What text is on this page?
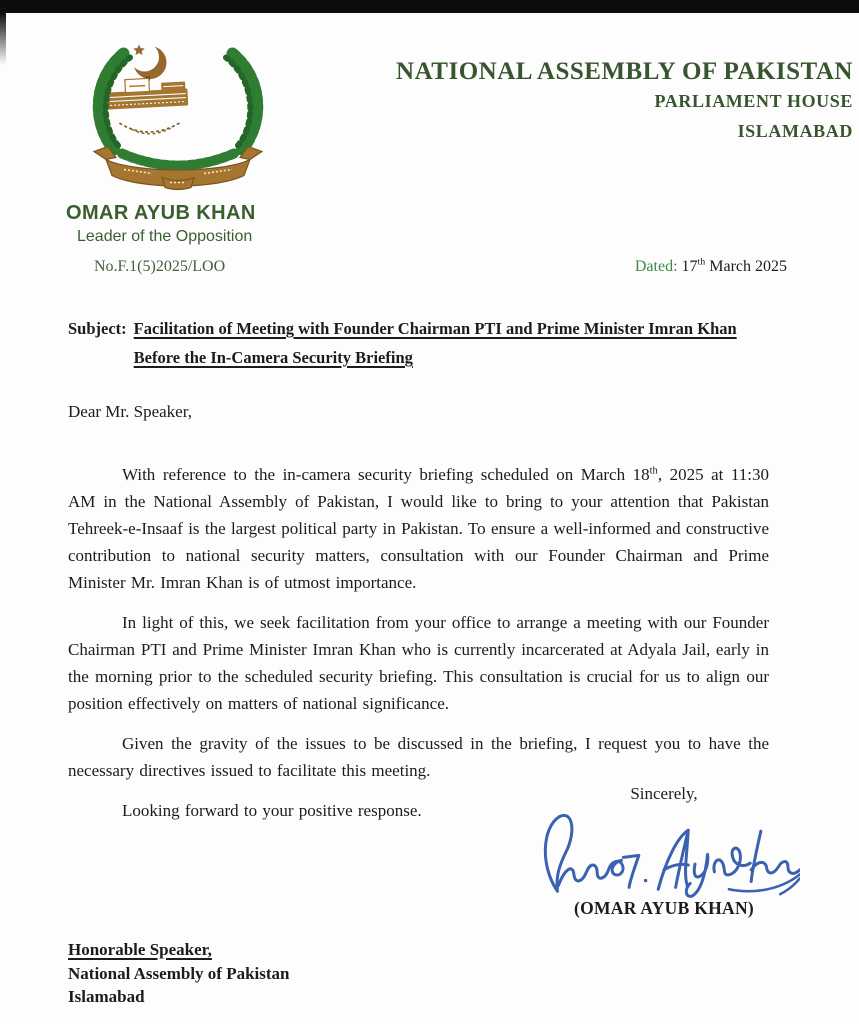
NATIONAL ASSEMBLY OF PAKISTAN
PARLIAMENT HOUSE
ISLAMABAD
OMAR AYUB KHAN
Leader of the Opposition
No.F.1(5)2025/LOO	Dated: 17th March 2025
Subject: Facilitation of Meeting with Founder Chairman PTI and Prime Minister Imran Khan
Before the In-Camera Security Briefing
Dear Mr. Speaker,

With reference to the in-camera security briefing scheduled on March 18th, 2025 at 11:30 AM in the National Assembly of Pakistan, I would like to bring to your attention that Pakistan Tehreek-e-Insaaf is the largest political party in Pakistan. To ensure a well-informed and constructive contribution to national security matters, consultation with our Founder Chairman and Prime Minister Mr. Imran Khan is of utmost importance.

In light of this, we seek facilitation from your office to arrange a meeting with our Founder Chairman PTI and Prime Minister Imran Khan who is currently incarcerated at Adyala Jail, early in the morning prior to the scheduled security briefing. This consultation is crucial for us to align our position effectively on matters of national significance.

Given the gravity of the issues to be discussed in the briefing, I request you to have the necessary directives issued to facilitate this meeting.

Looking forward to your positive response.

Sincerely,
(OMAR AYUB KHAN)
Honorable Speaker,
National Assembly of Pakistan
Islamabad
